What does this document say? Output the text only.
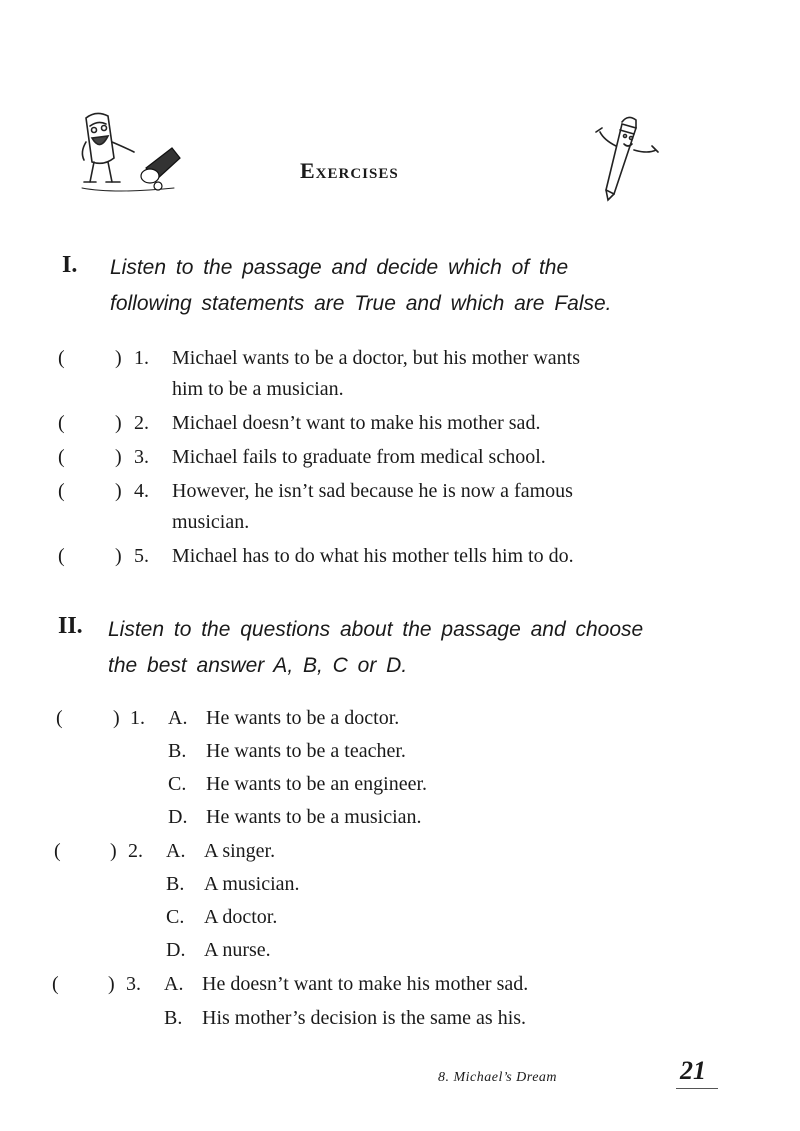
Exercises
I. Listen to the passage and decide which of the
following statements are True and which are False.
(	) 1. Michael wants to be a doctor, but his mother wants
him to be a musician.
(	) 2. Michael doesn’t want to make his mother sad.
(	) 3. Michael fails to graduate from medical school.
(	) 4. However, he isn’t sad because he is now a famous
musician.
(	) 5. Michael has to do what his mother tells him to do.
II. Listen to the questions about the passage and choose
the best answer A, B, C or D.
(	) 1. A. He wants to be a doctor.
B. He wants to be a teacher.
C. He wants to be an engineer.
D. He wants to be a musician.
( ) 2. A. A singer.
B. A musician.
C. A doctor.
D. A nurse.
( ) 3. A. He doesn’t want to make his mother sad.
B. His mother’s decision is the same as his.
8. Michael’s Dream	21
